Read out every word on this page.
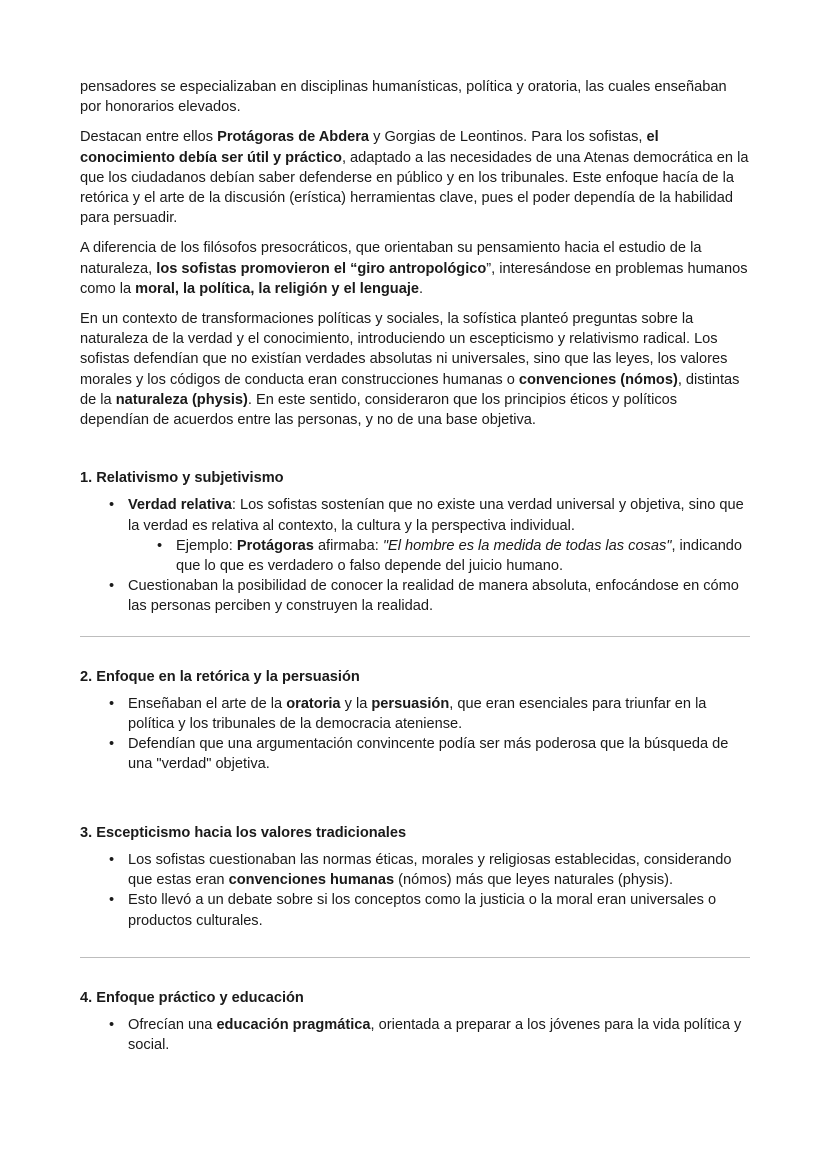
pensadores se especializaban en disciplinas humanísticas, política y oratoria, las cuales enseñaban por honorarios elevados.

Destacan entre ellos Protágoras de Abdera y Gorgias de Leontinos. Para los sofistas, el conocimiento debía ser útil y práctico, adaptado a las necesidades de una Atenas democrática en la que los ciudadanos debían saber defenderse en público y en los tribunales. Este enfoque hacía de la retórica y el arte de la discusión (erística) herramientas clave, pues el poder dependía de la habilidad para persuadir.

A diferencia de los filósofos presocráticos, que orientaban su pensamiento hacia el estudio de la naturaleza, los sofistas promovieron el “giro antropológico”, interesándose en problemas humanos como la moral, la política, la religión y el lenguaje.

En un contexto de transformaciones políticas y sociales, la sofística planteó preguntas sobre la naturaleza de la verdad y el conocimiento, introduciendo un escepticismo y relativismo radical. Los sofistas defendían que no existían verdades absolutas ni universales, sino que las leyes, los valores morales y los códigos de conducta eran construcciones humanas o convenciones (nómos), distintas de la naturaleza (physis). En este sentido, consideraron que los principios éticos y políticos dependían de acuerdos entre las personas, y no de una base objetiva.

1. Relativismo y subjetivismo
• Verdad relativa: Los sofistas sostenían que no existe una verdad universal y objetiva, sino que la verdad es relativa al contexto, la cultura y la perspectiva individual.
• Ejemplo: Protágoras afirmaba: "El hombre es la medida de todas las cosas", indicando que lo que es verdadero o falso depende del juicio humano.
• Cuestionaban la posibilidad de conocer la realidad de manera absoluta, enfocándose en cómo las personas perciben y construyen la realidad.
2. Enfoque en la retórica y la persuasión
• Enseñaban el arte de la oratoria y la persuasión, que eran esenciales para triunfar en la política y los tribunales de la democracia ateniense.
• Defendían que una argumentación convincente podía ser más poderosa que la búsqueda de una "verdad" objetiva.
3. Escepticismo hacia los valores tradicionales
• Los sofistas cuestionaban las normas éticas, morales y religiosas establecidas, considerando que estas eran convenciones humanas (nómos) más que leyes naturales (physis).
• Esto llevó a un debate sobre si los conceptos como la justicia o la moral eran universales o productos culturales.
4. Enfoque práctico y educación
• Ofrecían una educación pragmática, orientada a preparar a los jóvenes para la vida política y social.
